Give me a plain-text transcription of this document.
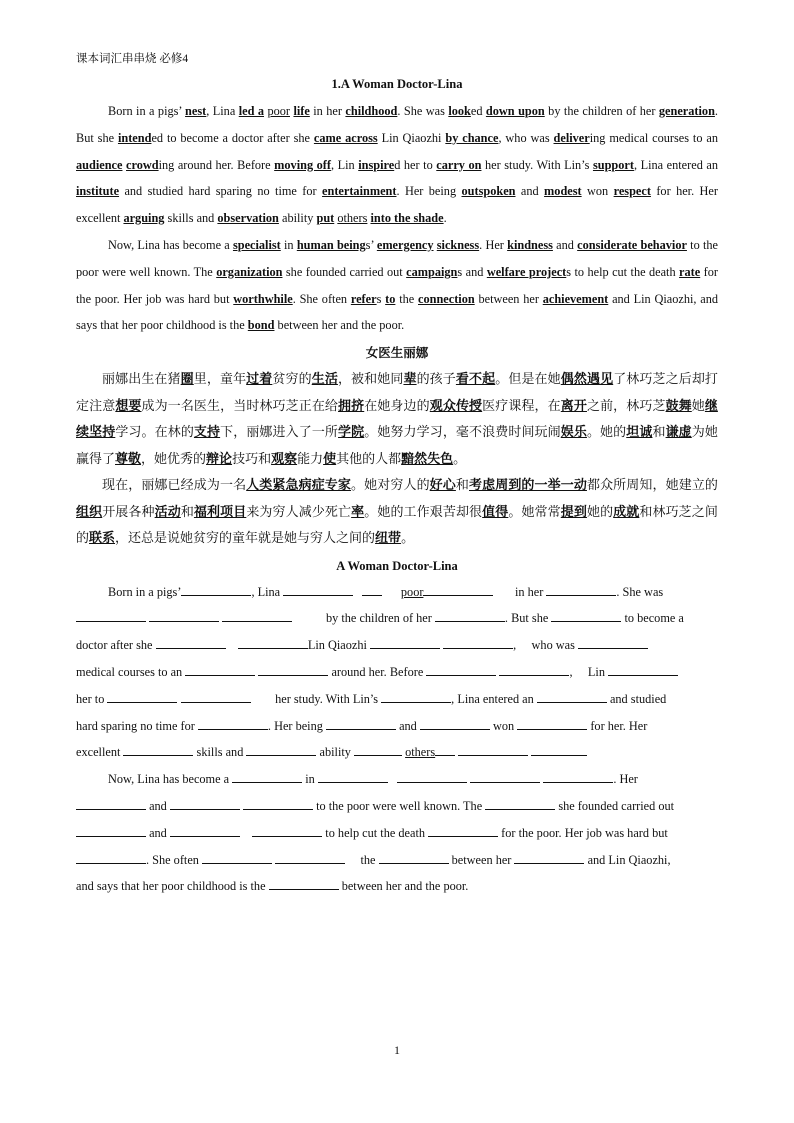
课本词汇串串烧 必修4
1.A Woman Doctor-Lina

Born in a pigs’ nest, Lina led a poor life in her childhood. She was looked down upon by the children of her generation. But she intended to become a doctor after she came across Lin Qiaozhi by chance, who was delivering medical courses to an audience crowding around her. Before moving off, Lin inspired her to carry on her study. With Lin’s support, Lina entered an institute and studied hard sparing no time for entertainment. Her being outspoken and modest won respect for her. Her excellent arguing skills and observation ability put others into the shade.

Now, Lina has become a specialist in human beings’ emergency sickness. Her kindness and considerate behavior to the poor were well known. The organization she founded carried out campaigns and welfare projects to help cut the death rate for the poor. Her job was hard but worthwhile. She often refers to the connection between her achievement and Lin Qiaozhi, and says that her poor childhood is the bond between her and the poor.

女医生丽娜

丽娜出生在猪圈里，童年过着贫穷的生活，被和她同辈的孩子看不起。但是在她偶然遇见了林巧芝之后却打定注意想要成为一名医生，当时林巧芝正在给拥挤在她身边的观众传授医疗课程，在离开之前，林巧芝鼓舞她继续坚持学习。在林的支持下，丽娜进入了一所学院。她努力学习，毫不浪费时间玩闹娱乐。她的坦诚和谦虚为她赢得了尊敬，她优秀的辩论技巧和观察能力使其他的人都黯然失色。

现在，丽娜已经成为一名人类紧急病症专家。她对穷人的好心和考虑周到的一举一动都众所周知，她建立的组织开展各种活动和福利项目来为穷人减少死亡率。她的工作艰苦却很值得。她常常提到她的成就和林巧芝之间的联系，还总是说她贫穷的童年就是她与穷人之间的纽带。

A Woman Doctor-Lina

Born in a pigs’	, Lina	poor	in her	. She was

by the children of her	. But she	to become a

doctor after she	Lin Qiaozhi	, who was

medical courses to an	around her. Before	, Lin

her to	her study. With Lin’s	, Lina entered an	and studied

hard sparing no time for	. Her being	and	won	for her. Her

excellent	skills and	ability	others

Now, Lina has become a	in	. Her

and	to the poor were well known. The	she founded carried out

and	to help cut the death	for the poor. Her job was hard but

. She often	the	between her	and Lin Qiaozhi,

and says that her poor childhood is the	between her and the poor.

1
